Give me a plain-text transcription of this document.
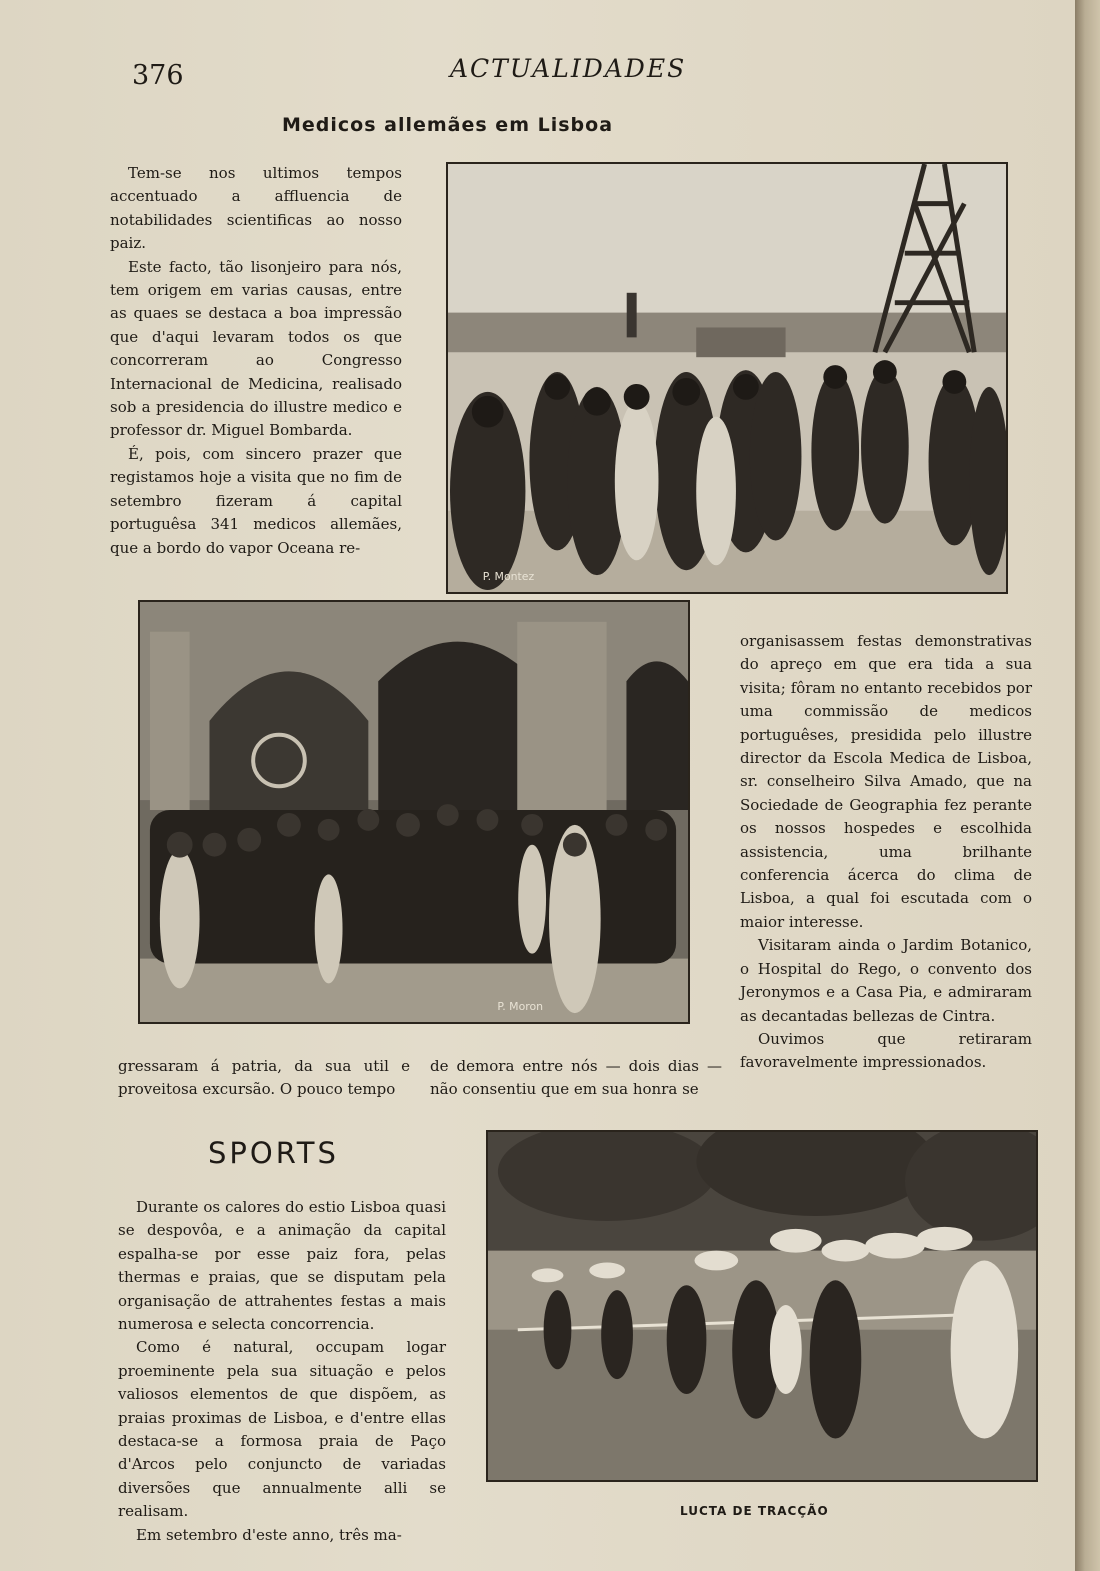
376	ACTUALIDADES
Medicos allemães em Lisboa

Tem-se nos ultimos tempos accentuado a affluencia de notabilidades scientificas ao nosso paiz.

Este facto, tão lisonjeiro para nós, tem origem em varias causas, entre as quaes se destaca a boa impressão que d'aqui levaram todos os que concorreram ao Congresso Internacional de Medicina, realisado sob a presidencia do illustre medico e professor dr. Miguel Bombarda.

É, pois, com sincero prazer que registamos hoje a visita que no fim de setembro fizeram á capital portuguêsa 341 medicos allemães, que a bordo do vapor Oceana re-

P. Montez
P. Moron

organisassem festas demonstrativas do apreço em que era tida a sua visita; fôram no entanto recebidos por uma commissão de medicos portuguêses, presidida pelo illustre director da Escola Medica de Lisboa, sr. conselheiro Silva Amado, que na Sociedade de Geographia fez perante os nossos hospedes e escolhida assistencia, uma brilhante conferencia ácerca do clima de Lisboa, a qual foi escutada com o maior interesse.

Visitaram ainda o Jardim Botanico, o Hospital do Rego, o convento dos Jeronymos e a Casa Pia, e admiraram as decantadas bellezas de Cintra.

Ouvimos que retiraram favoravelmente impressionados.

gressaram á patria, da sua util e proveitosa excursão. O pouco tempo
de demora entre nós — dois dias — não consentiu que em sua honra se
SPORTS

Durante os calores do estio Lisboa quasi se despovôa, e a animação da capital espalha-se por esse paiz fora, pelas thermas e praias, que se disputam pela organisação de attrahentes festas a mais numerosa e selecta concorrencia.

Como é natural, occupam logar proeminente pela sua situação e pelos valiosos elementos de que dispõem, as praias proximas de Lisboa, e d'entre ellas destaca-se a formosa praia de Paço d'Arcos pelo conjuncto de variadas diversões que annualmente alli se realisam.

Em setembro d'este anno, três ma-

LUCTA DE TRACÇÃO
